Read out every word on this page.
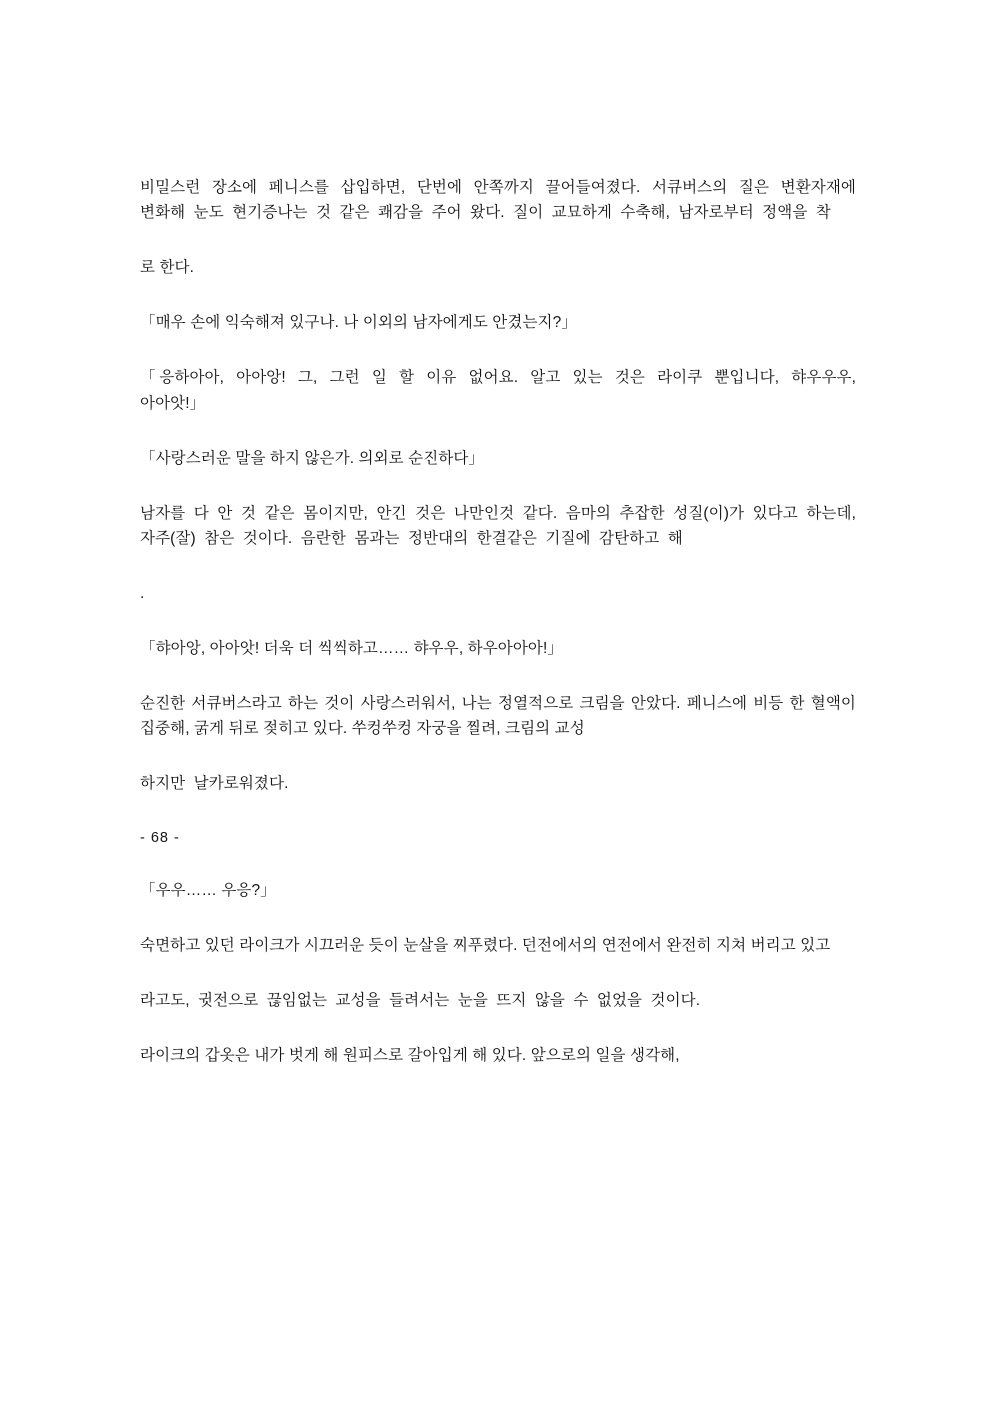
비밀스런 장소에 페니스를 삽입하면, 단번에 안쪽까지 끌어들여졌다. 서큐버스의 질은 변환자재에 변화해 눈도 현기증나는 것 같은 쾌감을 주어 왔다. 질이 교묘하게 수축해, 남자로부터 정액을 착

로 한다.

「매우 손에 익숙해져 있구나. 나 이외의 남자에게도 안겼는지?」

「응하아아, 아아앙! 그, 그런 일 할 이유 없어요. 알고 있는 것은 라이쿠 뿐입니다, 햐우우우, 아아앗!」

「사랑스러운 말을 하지 않은가. 의외로 순진하다」

남자를 다 안 것 같은 몸이지만, 안긴 것은 나만인것 같다. 음마의 추잡한 성질(이)가 있다고 하는데, 자주(잘) 참은 것이다. 음란한 몸과는 정반대의 한결같은 기질에 감탄하고 해

.

「햐아앙, 아아앗! 더욱 더 씩씩하고…… 햐우우, 하우아아아!」

순진한 서큐버스라고 하는 것이 사랑스러워서, 나는 정열적으로 크림을 안았다. 페니스에 비등 한 혈액이 집중해, 굵게 뒤로 젖히고 있다. 쑤컹쑤컹 자궁을 찔려, 크림의 교성

하지만 날카로워졌다.

- 68 -

「우우…… 우응?」

숙면하고 있던 라이크가 시끄러운 듯이 눈살을 찌푸렸다. 던전에서의 연전에서 완전히 지쳐 버리고 있고

라고도, 귓전으로 끊임없는 교성을 들려서는 눈을 뜨지 않을 수 없었을 것이다.

라이크의 갑옷은 내가 벗게 해 원피스로 갈아입게 해 있다. 앞으로의 일을 생각해,
